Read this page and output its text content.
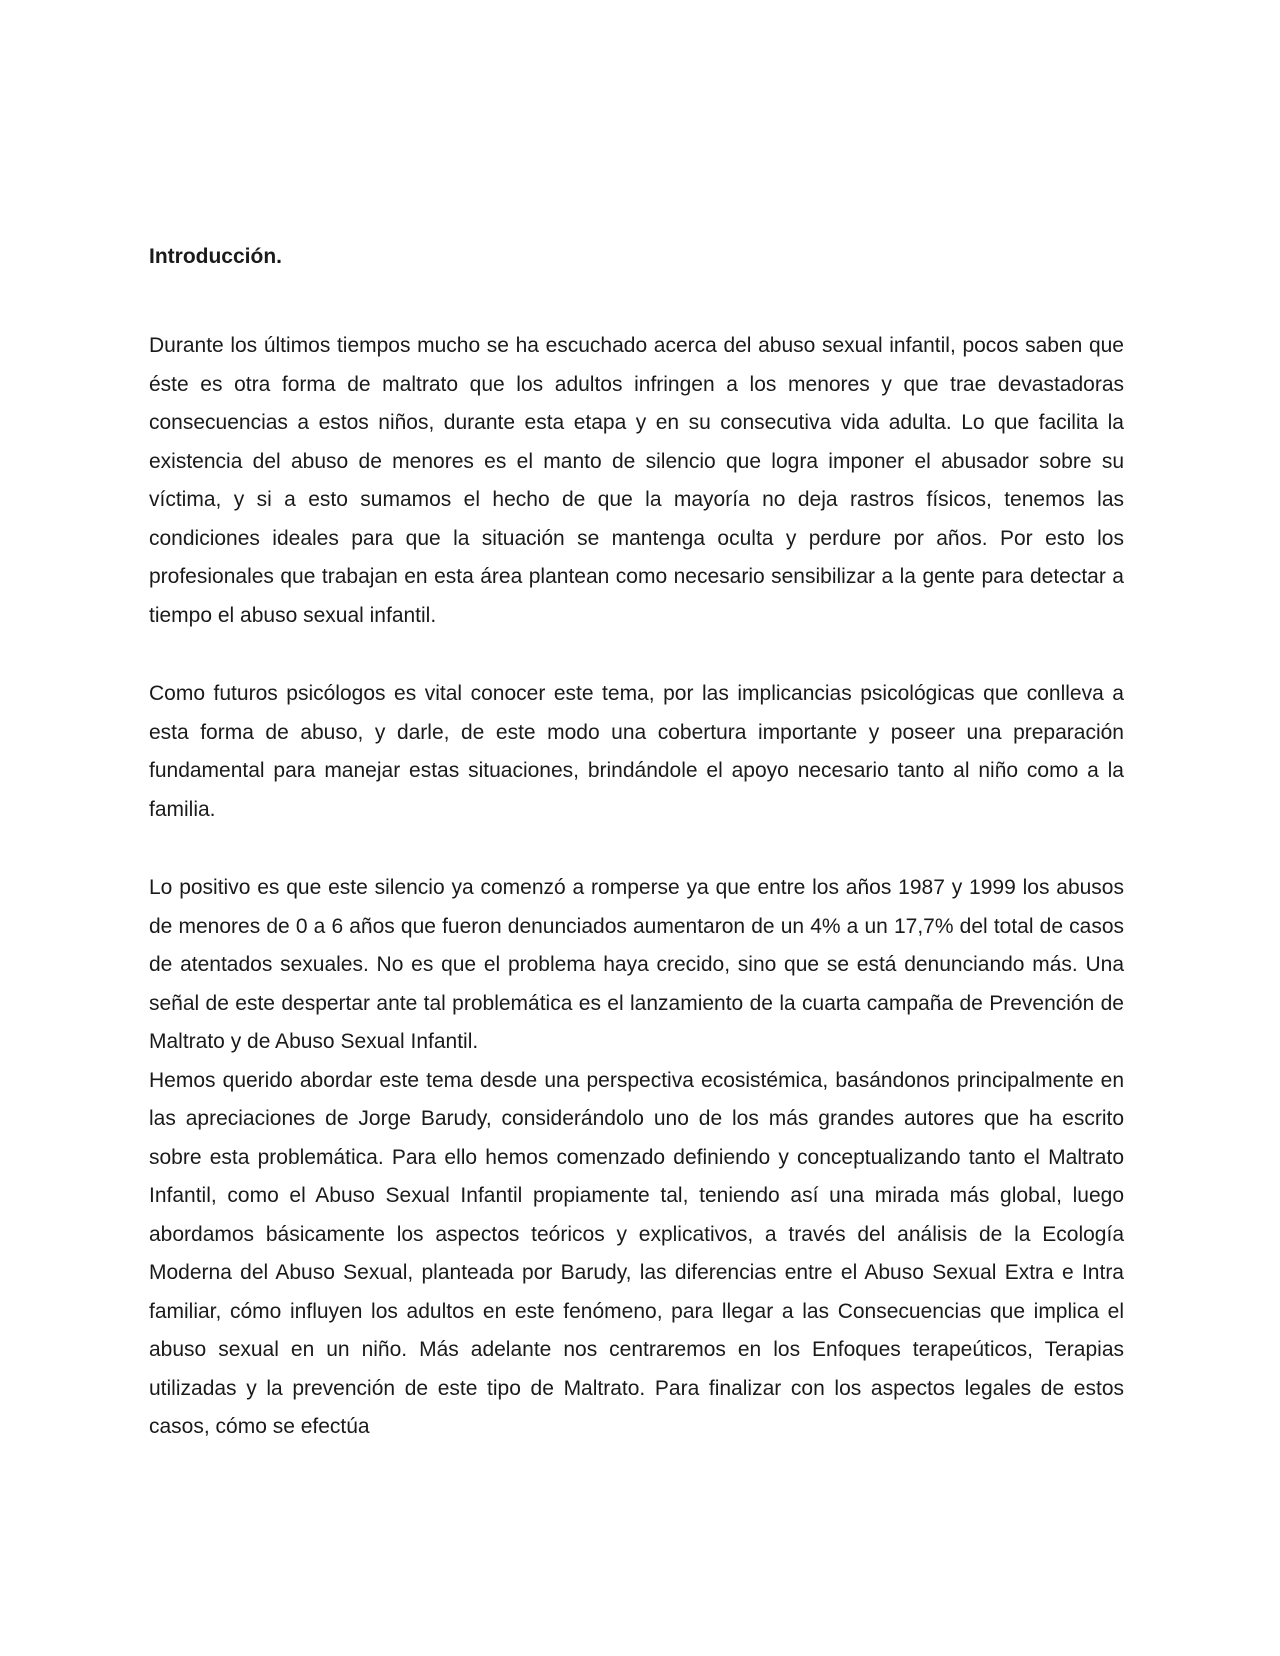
Introducción.

Durante los últimos tiempos mucho se ha escuchado acerca del abuso sexual infantil, pocos saben que éste es otra forma de maltrato que los adultos infringen a los menores y que trae devastadoras consecuencias a estos niños, durante esta etapa y en su consecutiva vida adulta. Lo que facilita la existencia del abuso de menores es el manto de silencio que logra imponer el abusador sobre su víctima, y si a esto sumamos el hecho de que la mayoría no deja rastros físicos, tenemos las condiciones ideales para que la situación se mantenga oculta y perdure por años. Por esto los profesionales que trabajan en esta área plantean como necesario sensibilizar a la gente para detectar a tiempo el abuso sexual infantil.

Como futuros psicólogos es vital conocer este tema, por las implicancias psicológicas que conlleva a esta forma de abuso, y darle, de este modo una cobertura importante y poseer una preparación fundamental para manejar estas situaciones, brindándole el apoyo necesario tanto al niño como a la familia.

Lo positivo es que este silencio ya comenzó a romperse ya que entre los años 1987 y 1999 los abusos de menores de 0 a 6 años que fueron denunciados aumentaron de un 4% a un 17,7% del total de casos de atentados sexuales. No es que el problema haya crecido, sino que se está denunciando más. Una señal de este despertar ante tal problemática es el lanzamiento de la cuarta campaña de Prevención de Maltrato y de Abuso Sexual Infantil.

Hemos querido abordar este tema desde una perspectiva ecosistémica, basándonos principalmente en las apreciaciones de Jorge Barudy, considerándolo uno de los más grandes autores que ha escrito sobre esta problemática. Para ello hemos comenzado definiendo y conceptualizando tanto el Maltrato Infantil, como el Abuso Sexual Infantil propiamente tal, teniendo así una mirada más global, luego abordamos básicamente los aspectos teóricos y explicativos, a través del análisis de la Ecología Moderna del Abuso Sexual, planteada por Barudy, las diferencias entre el Abuso Sexual Extra e Intra familiar, cómo influyen los adultos en este fenómeno, para llegar a las Consecuencias que implica el abuso sexual en un niño. Más adelante nos centraremos en los Enfoques terapeúticos, Terapias utilizadas y la prevención de este tipo de Maltrato. Para finalizar con los aspectos legales de estos casos, cómo se efectúa
